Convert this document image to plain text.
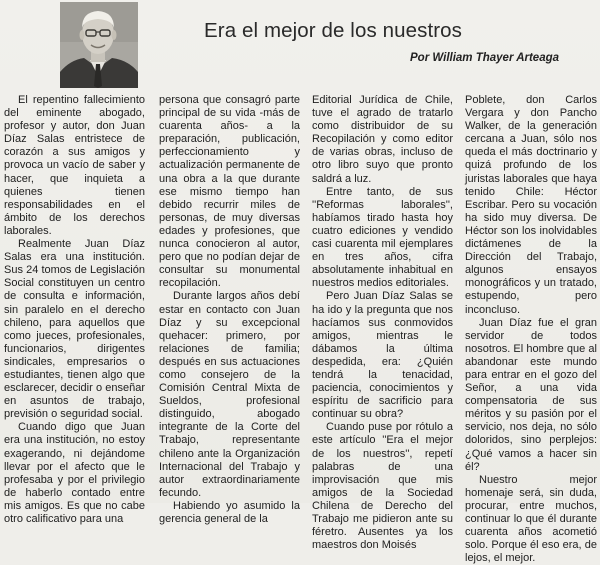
Era el mejor de los nuestros
Por William Thayer Arteaga

El repentino fallecimiento del eminente abogado, profesor y autor, don Juan Díaz Salas entristece de corazón a sus amigos y provoca un vacío de saber y hacer, que inquieta a quienes tienen responsabilidades en el ámbito de los derechos laborales.

Realmente Juan Díaz Salas era una institución. Sus 24 tomos de Legislación Social constituyen un centro de consulta e información, sin paralelo en el derecho chileno, para aquellos que como jueces, profesionales, funcionarios, dirigentes sindicales, empresarios o estudiantes, tienen algo que esclarecer, decidir o enseñar en asuntos de trabajo, previsión o seguridad social.

Cuando digo que Juan era una institución, no estoy exagerando, ni dejándome llevar por el afecto que le profesaba y por el privilegio de haberlo contado entre mis amigos. Es que no cabe otro calificativo para una

persona que consagró parte principal de su vida -más de cuarenta años- a la preparación, publicación, perfeccionamiento y actualización permanente de una obra a la que durante ese mismo tiempo han debido recurrir miles de personas, de muy diversas edades y profesiones, que nunca conocieron al autor, pero que no podían dejar de consultar su monumental recopilación.

Durante largos años debí estar en contacto con Juan Díaz y su excepcional quehacer: primero, por relaciones de familia; después en sus actuaciones como consejero de la Comisión Central Mixta de Sueldos, profesional distinguido, abogado integrante de la Corte del Trabajo, representante chileno ante la Organización Internacional del Trabajo y autor extraordinariamente fecundo.

Habiendo yo asumido la gerencia general de la

Editorial Jurídica de Chile, tuve el agrado de tratarlo como distribuidor de su Recopilación y como editor de varias obras, incluso de otro libro suyo que pronto saldrá a luz.

Entre tanto, de sus ''Reformas laborales'', habíamos tirado hasta hoy cuatro ediciones y vendido casi cuarenta mil ejemplares en tres años, cifra absolutamente inhabitual en nuestros medios editoriales.

Pero Juan Díaz Salas se ha ido y la pregunta que nos hacíamos sus conmovidos amigos, mientras le dábamos la última despedida, era: ¿Quién tendrá la tenacidad, paciencia, conocimientos y espíritu de sacrificio para continuar su obra?

Cuando puse por rótulo a este artículo ''Era el mejor de los nuestros'', repetí palabras de una improvisación que mis amigos de la Sociedad Chilena de Derecho del Trabajo me pidieron ante su féretro. Ausentes ya los maestros don Moisés

Poblete, don Carlos Vergara y don Pancho Walker, de la generación cercana a Juan, sólo nos queda el más doctrinario y quizá profundo de los juristas laborales que haya tenido Chile: Héctor Escribar. Pero su vocación ha sido muy diversa. De Héctor son los inolvidables dictámenes de la Dirección del Trabajo, algunos ensayos monográficos y un tratado, estupendo, pero inconcluso.

Juan Díaz fue el gran servidor de todos nosotros. El hombre que al abandonar este mundo para entrar en el gozo del Señor, a una vida compensatoria de sus méritos y su pasión por el servicio, nos deja, no sólo doloridos, sino perplejos: ¿Qué vamos a hacer sin él?

Nuestro mejor homenaje será, sin duda, procurar, entre muchos, continuar lo que él durante cuarenta años acometió solo. Porque él eso era, de lejos, el mejor.
